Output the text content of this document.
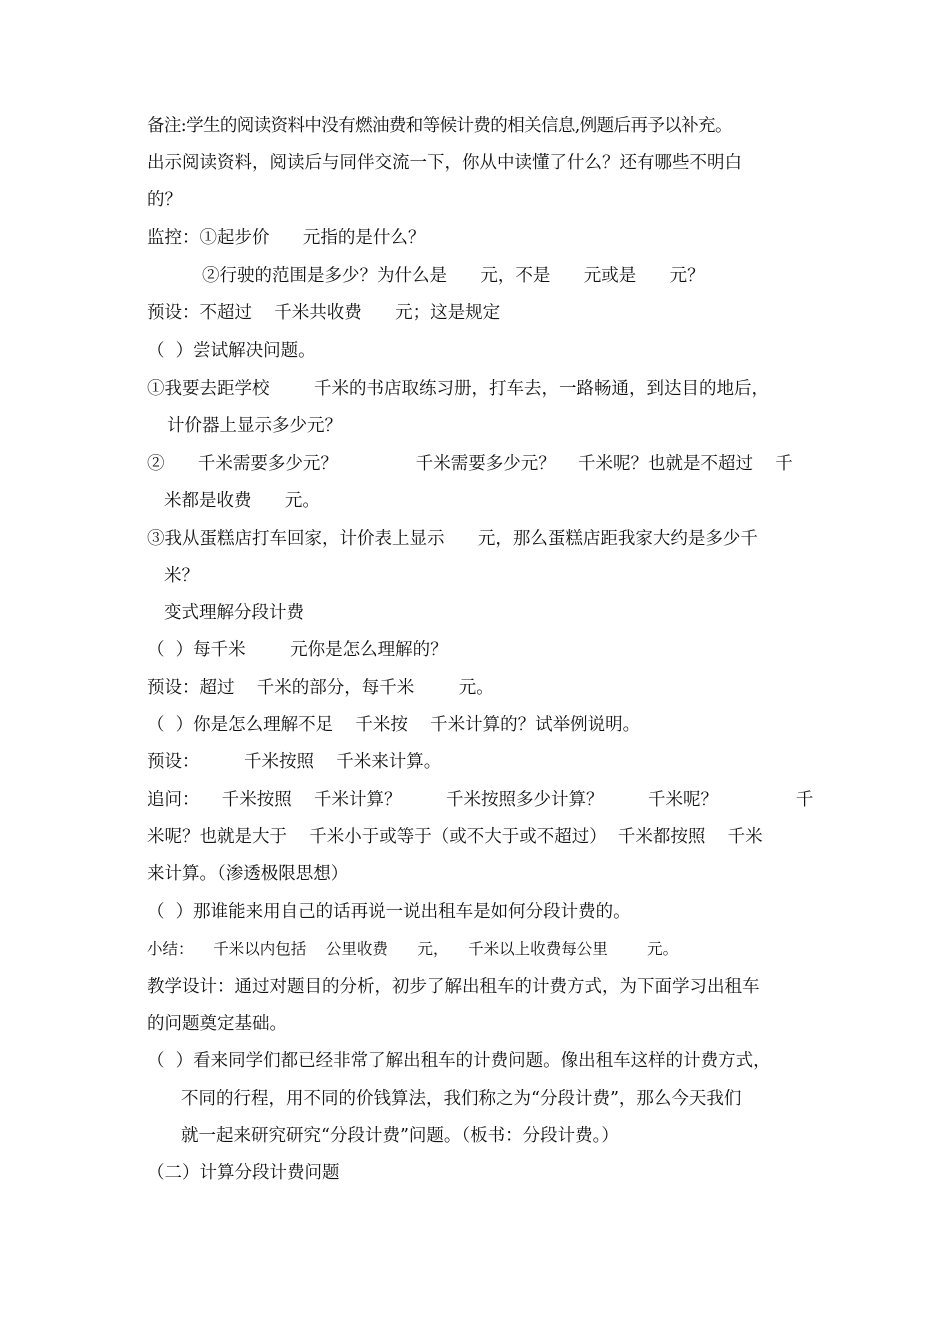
备注:学生的阅读资料中没有燃油费和等候计费的相关信息,例题后再予以补充。
出示阅读资料，阅读后与同伴交流一下，你从中读懂了什么？还有哪些不明白
的？
监控：①起步价      元指的是什么？
②行驶的范围是多少？为什么是      元，不是      元或是      元？
预设：不超过    千米共收费      元；这是规定
（  ）尝试解决问题。
①我要去距学校        千米的书店取练习册，打车去，一路畅通，到达目的地后，
计价器上显示多少元？
②      千米需要多少元？              千米需要多少元？    千米呢？也就是不超过    千
米都是收费      元。
③我从蛋糕店打车回家，计价表上显示      元，那么蛋糕店距我家大约是多少千
米？
变式理解分段计费
（  ）每千米        元你是怎么理解的？
预设：超过    千米的部分，每千米        元。
（  ）你是怎么理解不足    千米按    千米计算的？试举例说明。
预设：        千米按照    千米来计算。
追问：    千米按照    千米计算？        千米按照多少计算？        千米呢？              千
米呢？也就是大于    千米小于或等于（或不大于或不超过）  千米都按照    千米
来计算。（渗透极限思想）
（  ）那谁能来用自己的话再说一说出租车是如何分段计费的。
小结：    千米以内包括    公里收费      元，    千米以上收费每公里        元。
教学设计：通过对题目的分析，初步了解出租车的计费方式，为下面学习出租车
的问题奠定基础。
（  ）看来同学们都已经非常了解出租车的计费问题。像出租车这样的计费方式，
不同的行程，用不同的价钱算法，我们称之为“分段计费”，那么今天我们
就一起来研究研究“分段计费”问题。（板书：分段计费。）
（二）计算分段计费问题
